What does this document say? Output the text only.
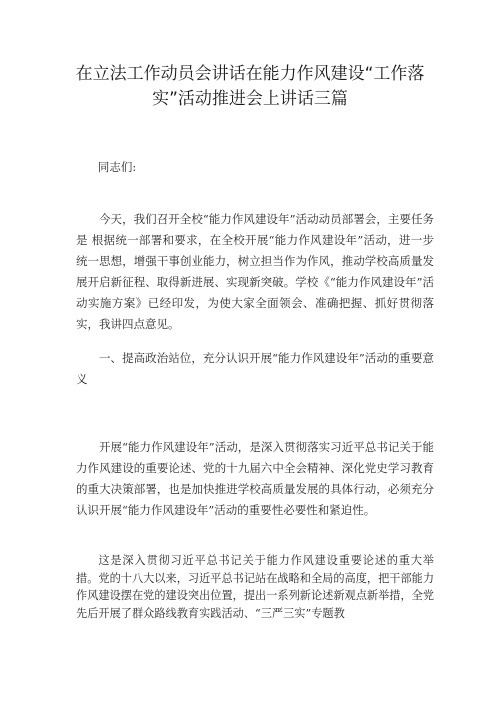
在立法工作动员会讲话在能力作风建设“工作落实”活动推进会上讲话三篇

同志们:

今天，我们召开全校“能力作风建设年”活动动员部署会，主要任务是 根据统一部署和要求，在全校开展“能力作风建设年”活动，进一步统一思想，增强干事创业能力，树立担当作为作风，推动学校高质量发展开启新征程、取得新进展、实现新突破。学校《“能力作风建设年”活动实施方案》已经印发，为使大家全面领会、准确把握、抓好贯彻落实，我讲四点意见。

一、提高政治站位，充分认识开展“能力作风建设年”活动的重要意义

开展“能力作风建设年”活动，是深入贯彻落实习近平总书记关于能力作风建设的重要论述、党的十九届六中全会精神、深化党史学习教育的重大决策部署，也是加快推进学校高质量发展的具体行动，必须充分认识开展“能力作风建设年”活动的重要性必要性和紧迫性。

这是深入贯彻习近平总书记关于能力作风建设重要论述的重大举措。党的十八大以来，习近平总书记站在战略和全局的高度，把干部能力作风建设摆在党的建设突出位置，提出一系列新论述新观点新举措，全党先后开展了群众路线教育实践活动、“三严三实”专题教
